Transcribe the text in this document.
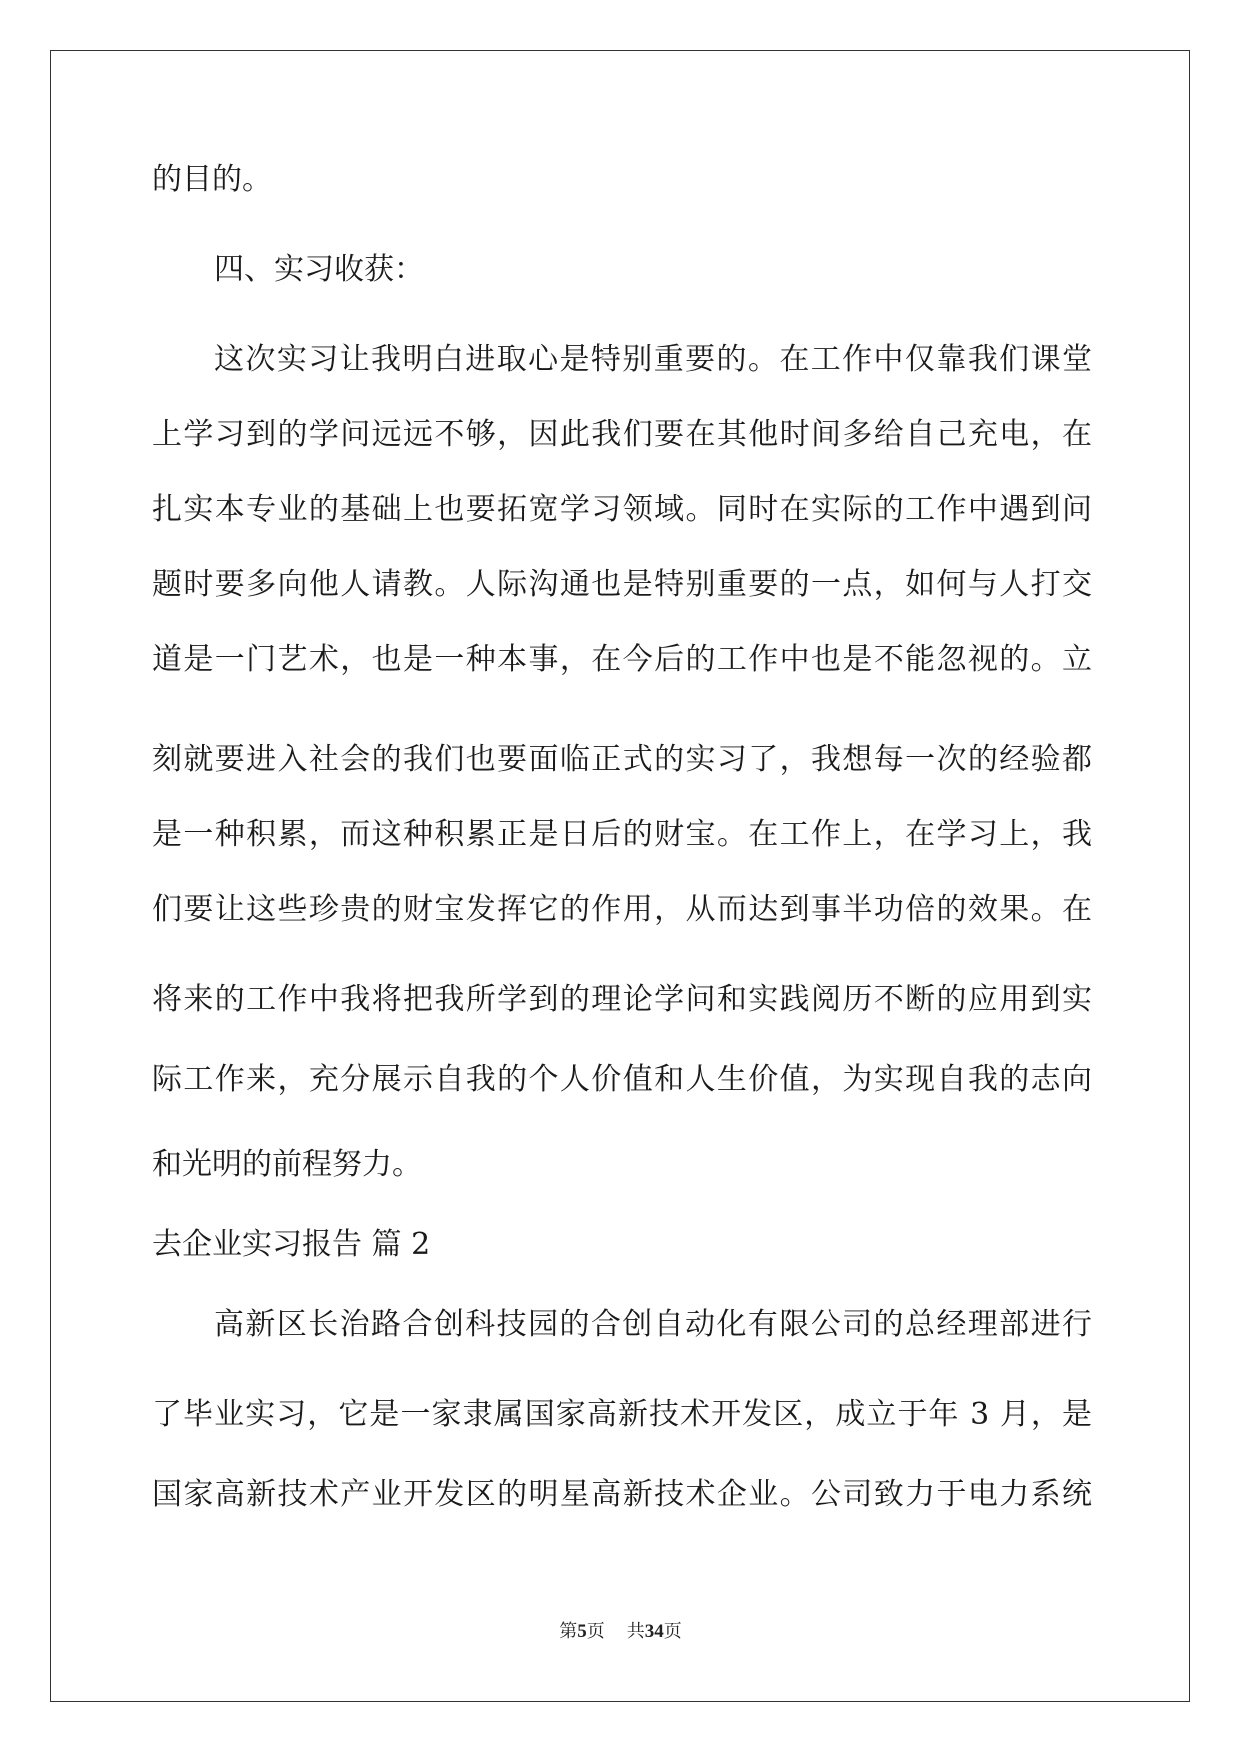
的目的。
四、实习收获：
这次实习让我明白进取心是特别重要的。在工作中仅靠我们课堂
上学习到的学问远远不够，因此我们要在其他时间多给自己充电，在
扎实本专业的基础上也要拓宽学习领域。同时在实际的工作中遇到问
题时要多向他人请教。人际沟通也是特别重要的一点，如何与人打交
道是一门艺术，也是一种本事，在今后的工作中也是不能忽视的。立
刻就要进入社会的我们也要面临正式的实习了，我想每一次的经验都
是一种积累，而这种积累正是日后的财宝。在工作上，在学习上，我
们要让这些珍贵的财宝发挥它的作用，从而达到事半功倍的效果。在
将来的工作中我将把我所学到的理论学问和实践阅历不断的应用到实
际工作来，充分展示自我的个人价值和人生价值，为实现自我的志向
和光明的前程努力。
去企业实习报告 篇 2
高新区长治路合创科技园的合创自动化有限公司的总经理部进行
了毕业实习，它是一家隶属国家高新技术开发区，成立于年 3 月，是
国家高新技术产业开发区的明星高新技术企业。公司致力于电力系统
第5页 共34页
